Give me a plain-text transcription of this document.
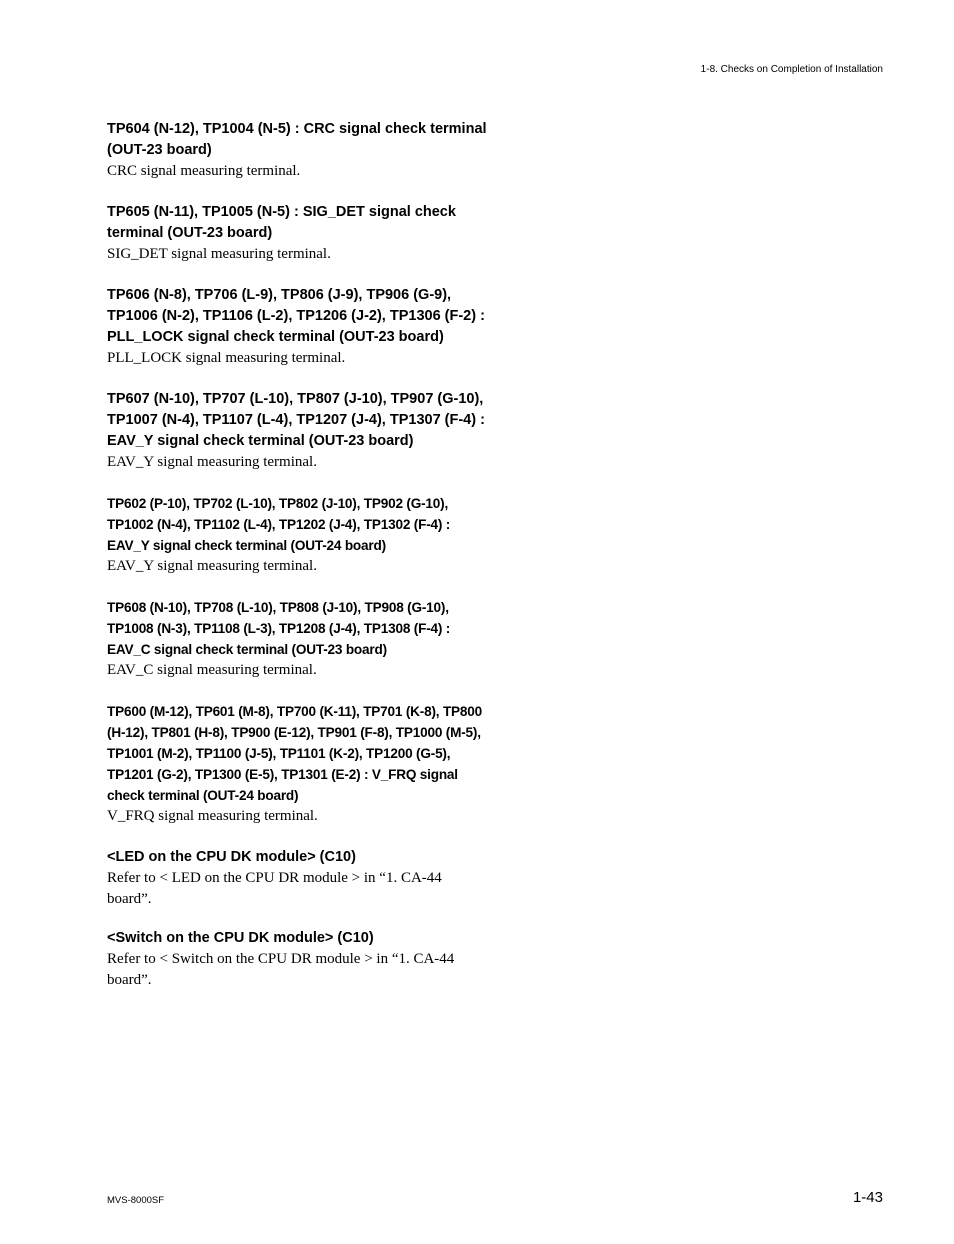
1-8. Checks on Completion of Installation

TP604 (N-12), TP1004 (N-5) : CRC signal check terminal (OUT-23 board)

CRC signal measuring terminal.

TP605 (N-11), TP1005 (N-5) : SIG_DET signal check terminal (OUT-23 board)

SIG_DET signal measuring terminal.

TP606 (N-8), TP706 (L-9), TP806 (J-9), TP906 (G-9), TP1006 (N-2), TP1106 (L-2), TP1206 (J-2), TP1306 (F-2) : PLL_LOCK signal check terminal (OUT-23 board)

PLL_LOCK signal measuring terminal.

TP607 (N-10), TP707 (L-10), TP807 (J-10), TP907 (G-10), TP1007 (N-4), TP1107 (L-4), TP1207 (J-4), TP1307 (F-4) : EAV_Y signal check terminal (OUT-23 board)

EAV_Y signal measuring terminal.

TP602 (P-10), TP702 (L-10), TP802 (J-10), TP902 (G-10), TP1002 (N-4), TP1102 (L-4), TP1202 (J-4), TP1302 (F-4) : EAV_Y signal check terminal (OUT-24 board)

EAV_Y signal measuring terminal.

TP608 (N-10), TP708 (L-10), TP808 (J-10), TP908 (G-10), TP1008 (N-3), TP1108 (L-3), TP1208 (J-4), TP1308 (F-4) : EAV_C signal check terminal (OUT-23 board)

EAV_C signal measuring terminal.

TP600 (M-12), TP601 (M-8), TP700 (K-11), TP701 (K-8), TP800 (H-12), TP801 (H-8), TP900 (E-12), TP901 (F-8), TP1000 (M-5), TP1001 (M-2), TP1100 (J-5), TP1101 (K-2), TP1200 (G-5), TP1201 (G-2), TP1300 (E-5), TP1301 (E-2) : V_FRQ signal check terminal (OUT-24 board)

V_FRQ signal measuring terminal.

<LED on the CPU DK module> (C10)

Refer to < LED on the CPU DR module > in “1. CA-44 board”.

<Switch on the CPU DK module> (C10)

Refer to < Switch on the CPU DR module > in “1. CA-44 board”.

MVS-8000SF	1-43
